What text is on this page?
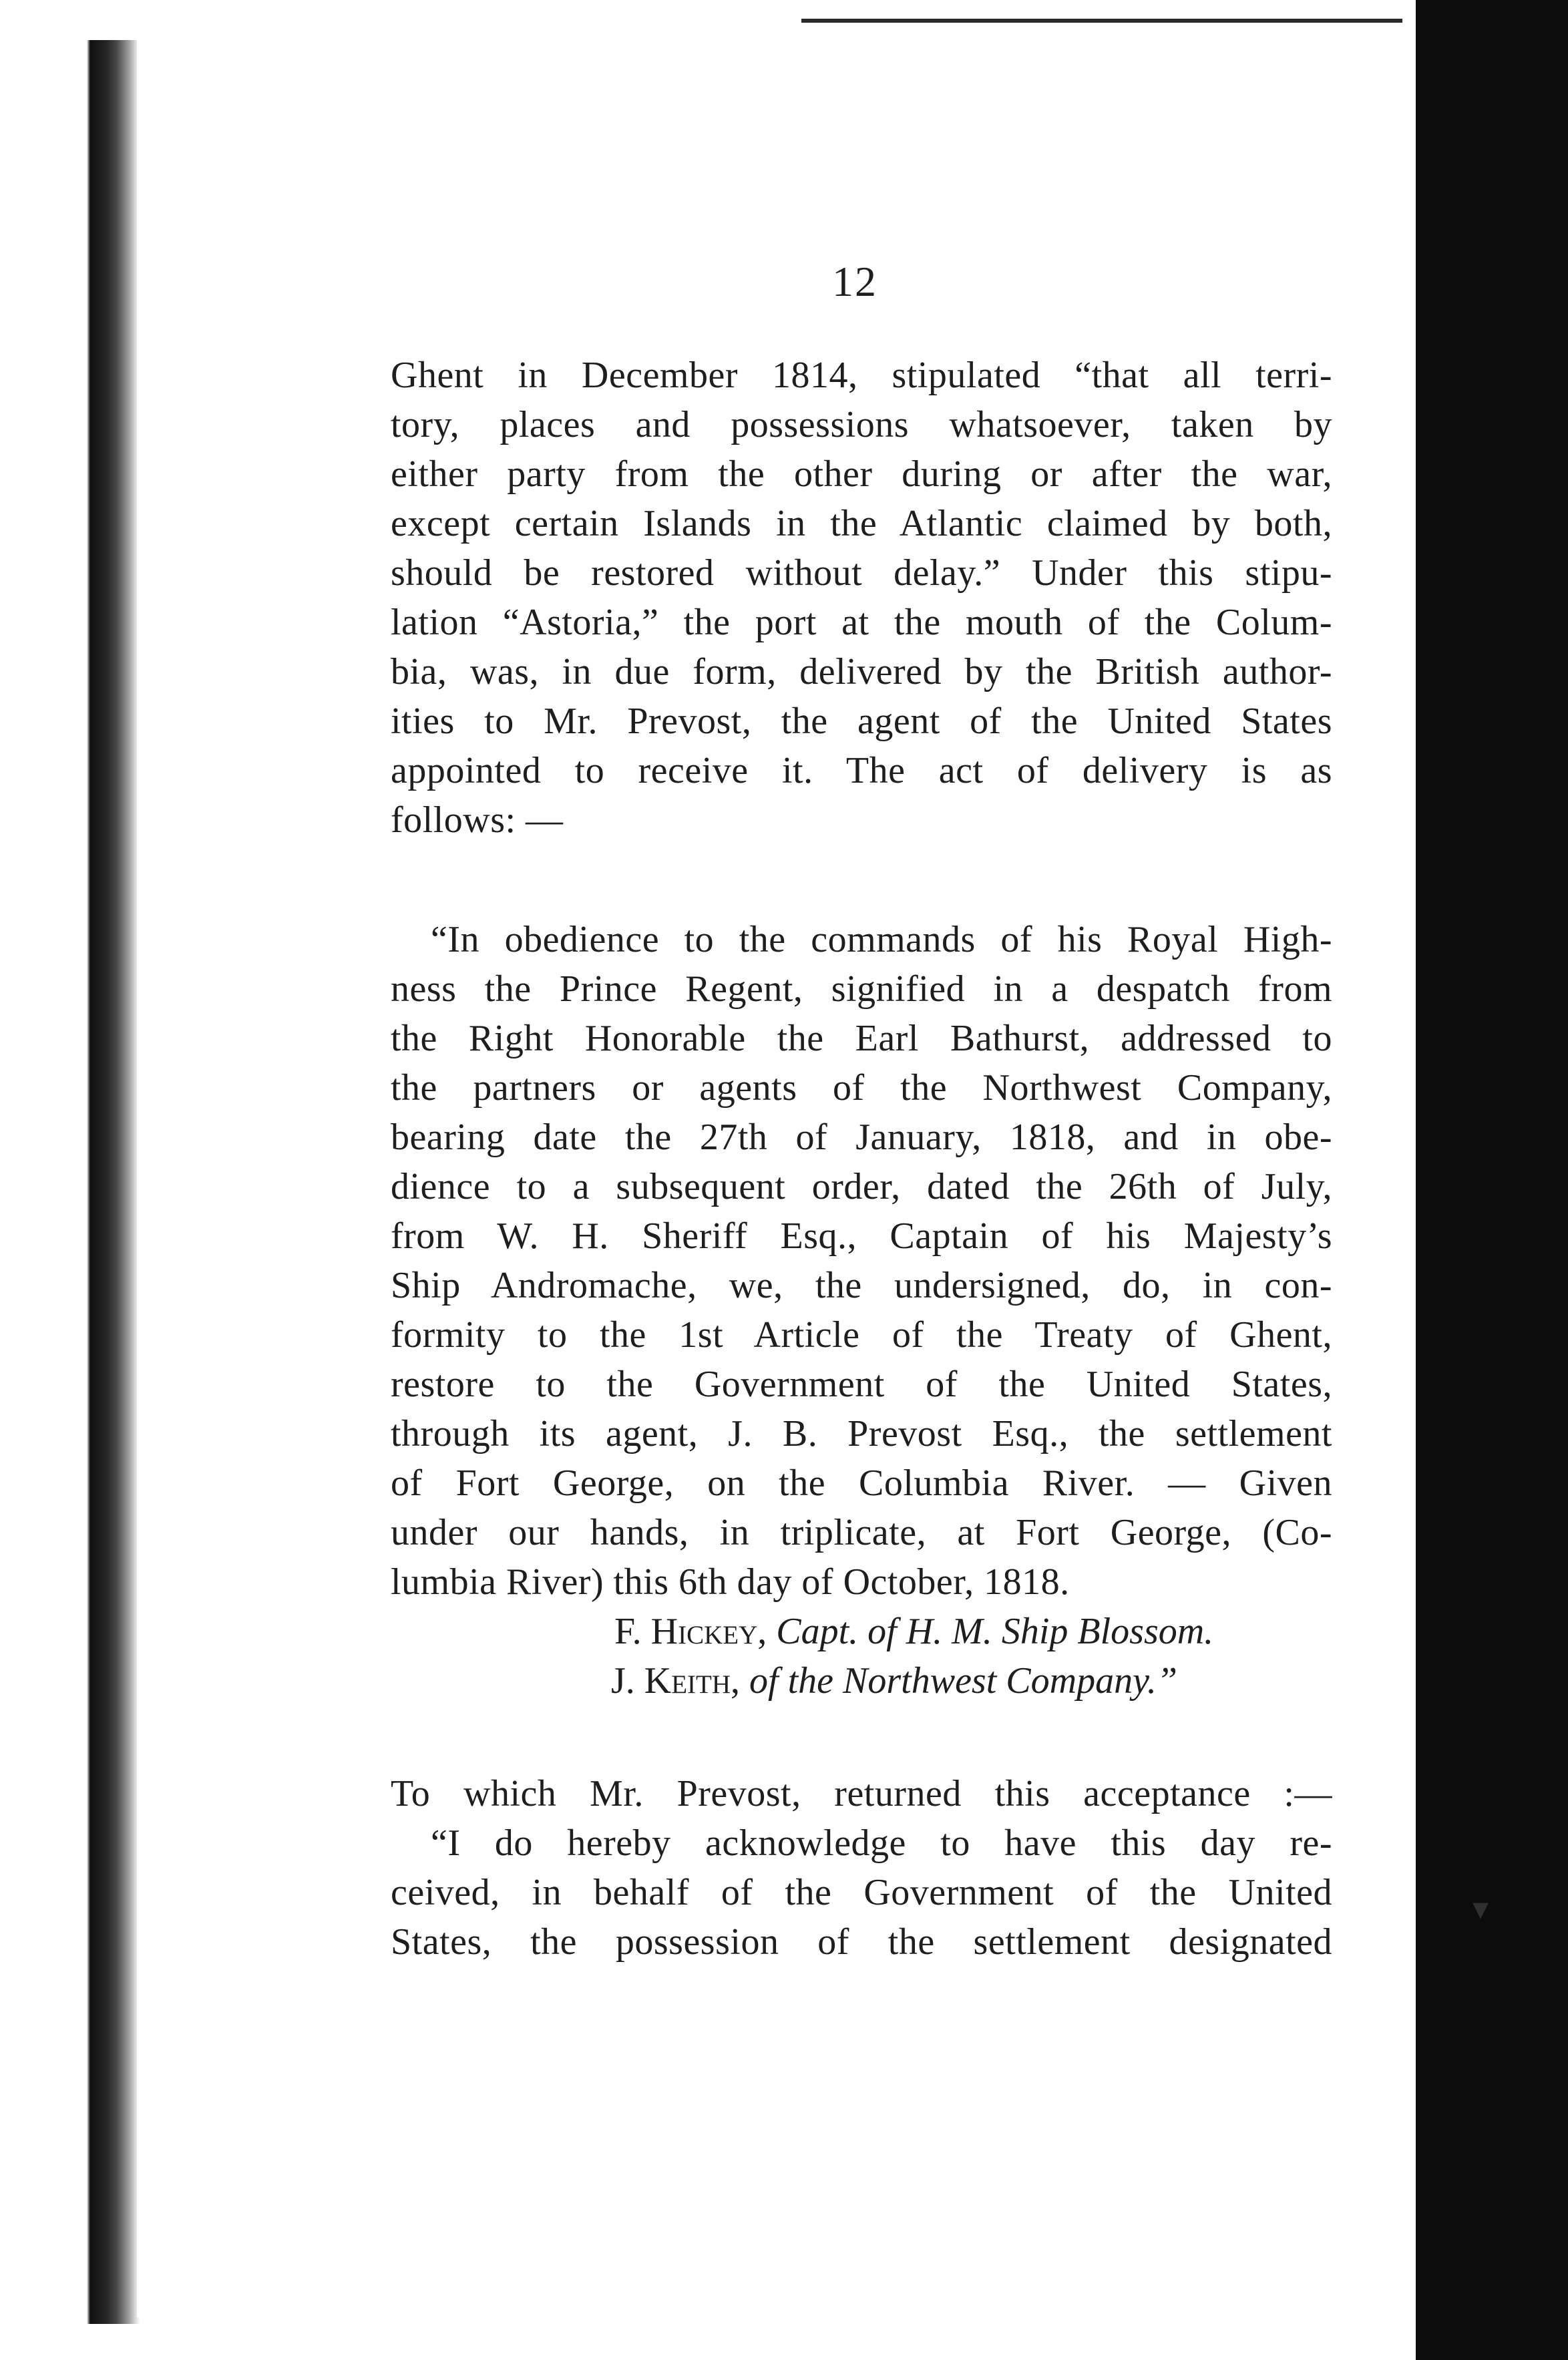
12
Ghent in December 1814, stipulated “that all terri-
tory, places and possessions whatsoever, taken by
either party from the other during or after the war,
except certain Islands in the Atlantic claimed by both,
should be restored without delay.” Under this stipu-
lation “Astoria,” the port at the mouth of the Colum-
bia, was, in due form, delivered by the British author-
ities to Mr. Prevost, the agent of the United States
appointed to receive it. The act of delivery is as
follows: —
“In obedience to the commands of his Royal High-
ness the Prince Regent, signified in a despatch from
the Right Honorable the Earl Bathurst, addressed to
the partners or agents of the Northwest Company,
bearing date the 27th of January, 1818, and in obe-
dience to a subsequent order, dated the 26th of July,
from W. H. Sheriff Esq., Captain of his Majesty’s
Ship Andromache, we, the undersigned, do, in con-
formity to the 1st Article of the Treaty of Ghent,
restore to the Government of the United States,
through its agent, J. B. Prevost Esq., the settlement
of Fort George, on the Columbia River. — Given
under our hands, in triplicate, at Fort George, (Co-
lumbia River) this 6th day of October, 1818.
F. Hickey, Capt. of H. M. Ship Blossom.
J. Keith, of the Northwest Company.”
To which Mr. Prevost, returned this acceptance :—
“I do hereby acknowledge to have this day re-
ceived, in behalf of the Government of the United
States, the possession of the settlement designated
▾
